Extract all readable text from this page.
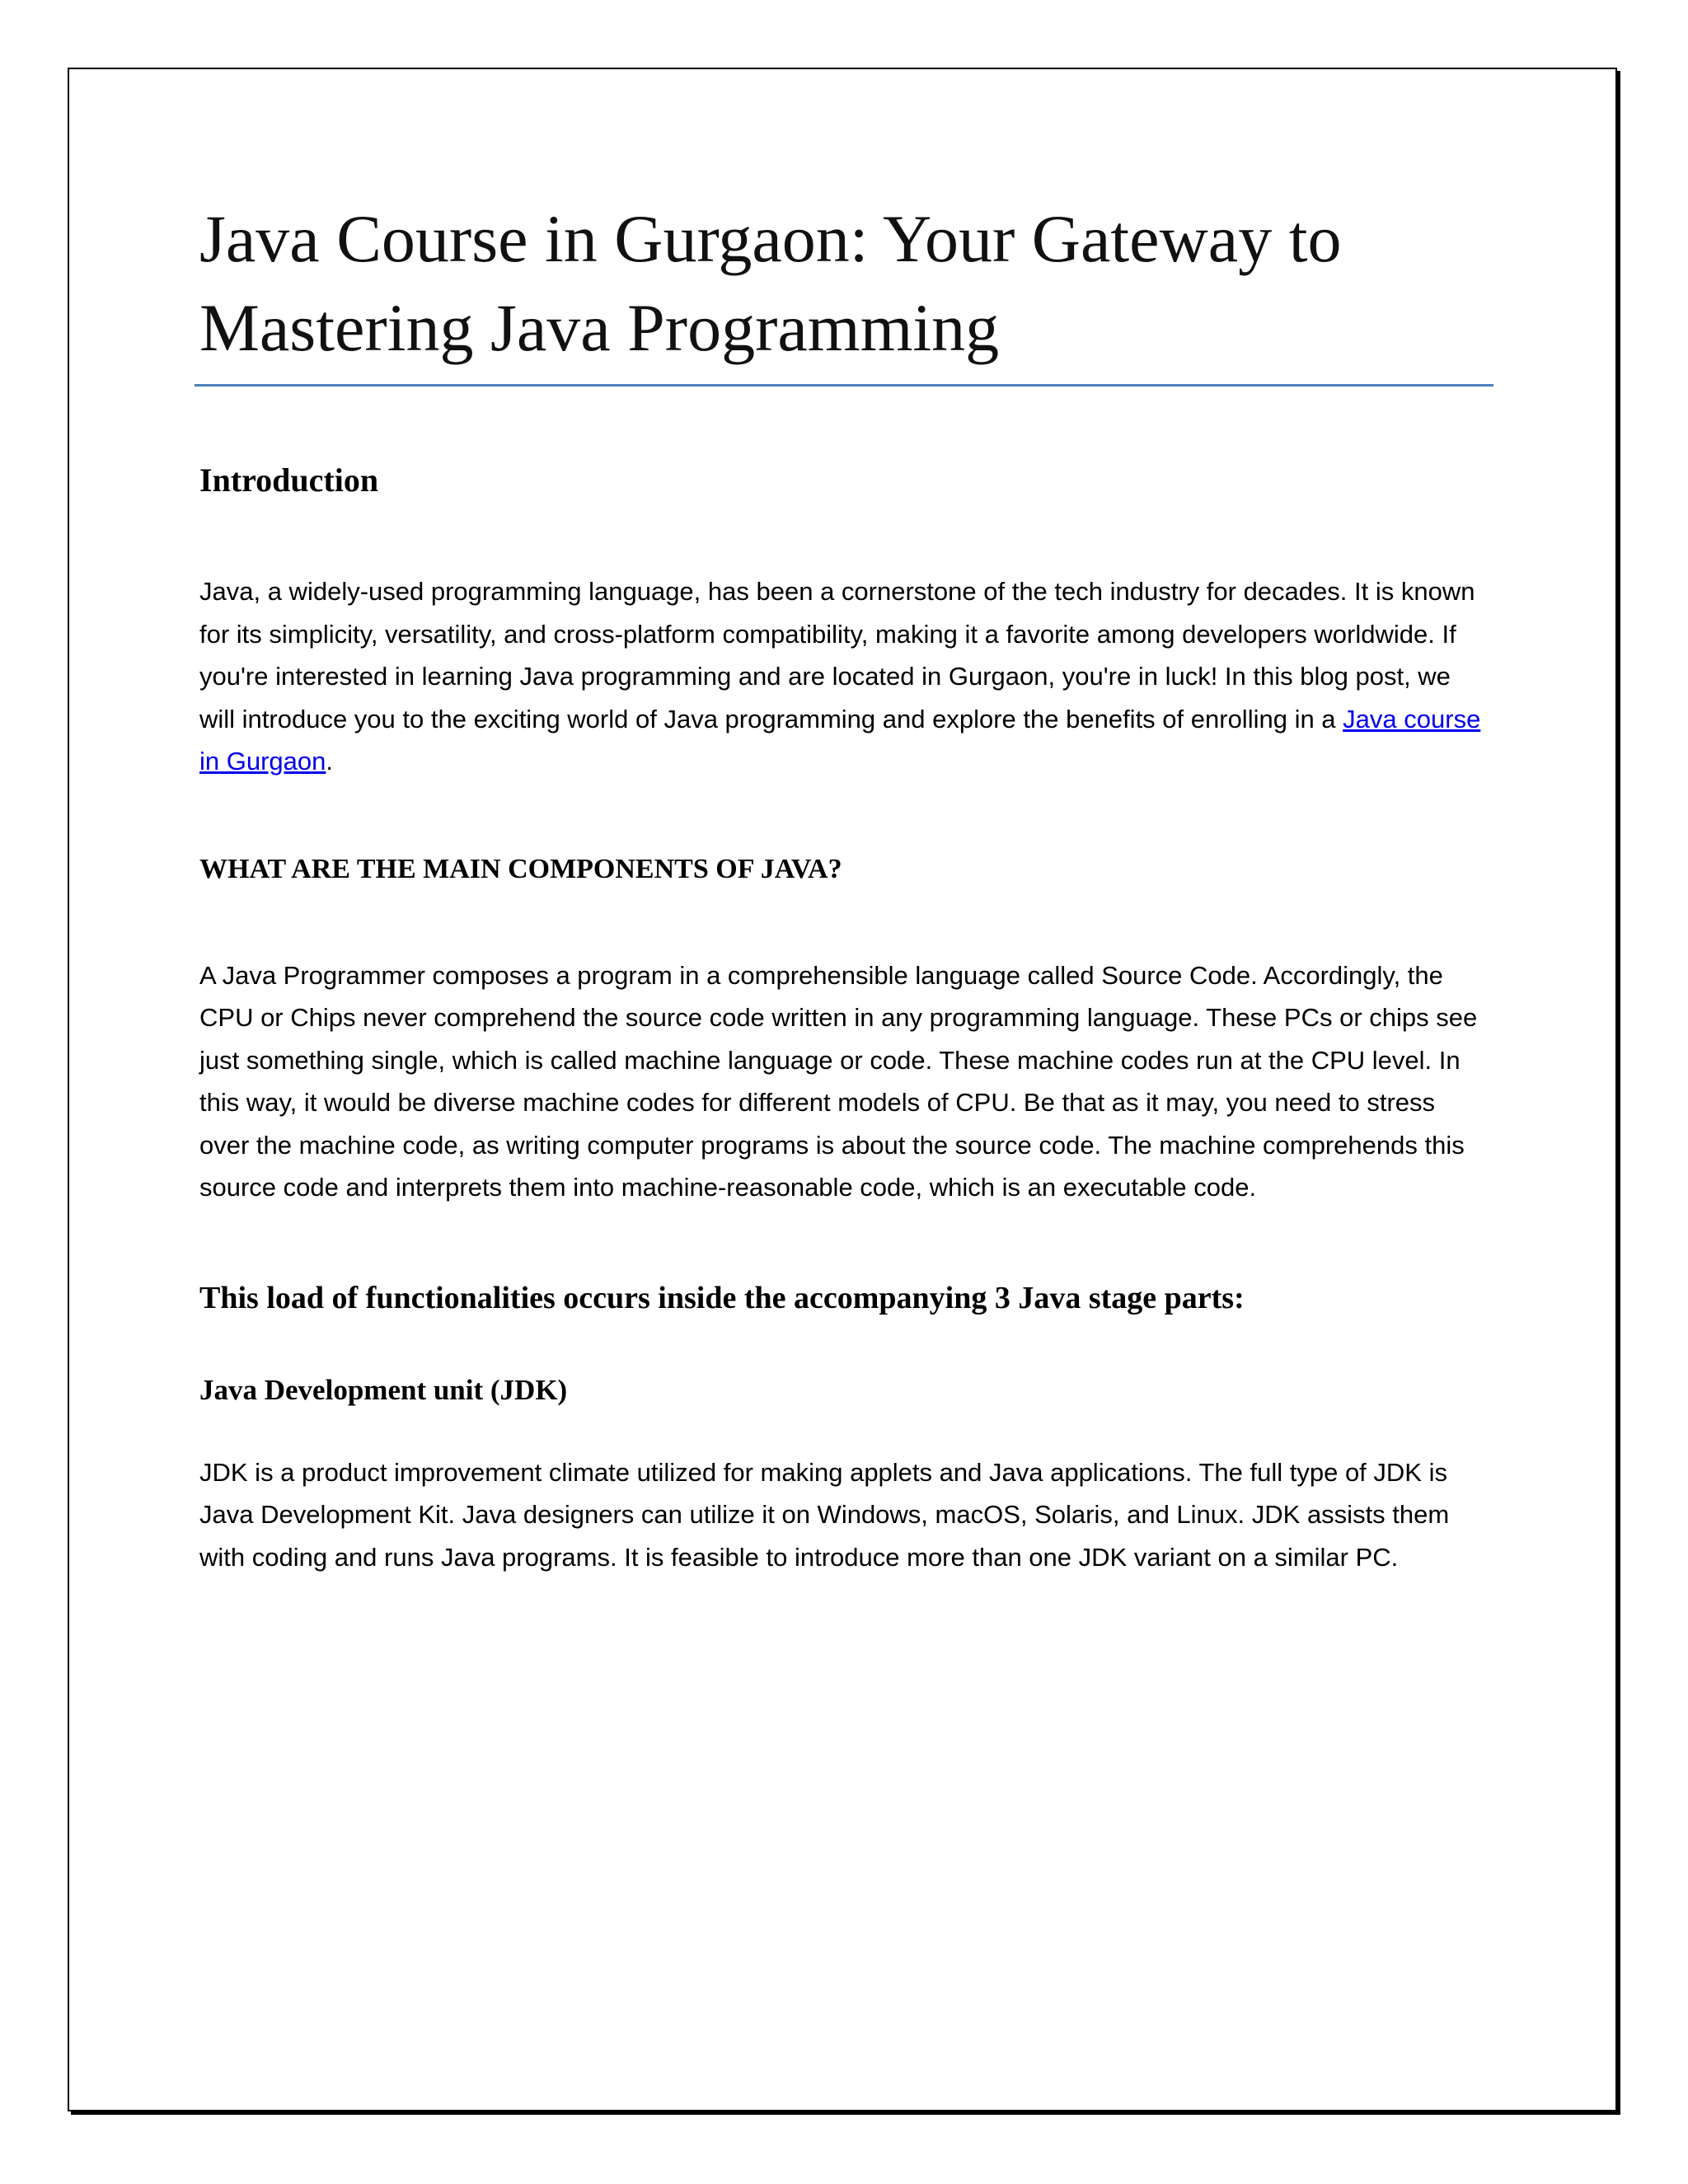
Java Course in Gurgaon: Your Gateway to Mastering Java Programming
Introduction

Java, a widely-used programming language, has been a cornerstone of the tech industry for decades. It is known for its simplicity, versatility, and cross-platform compatibility, making it a favorite among developers worldwide. If you're interested in learning Java programming and are located in Gurgaon, you're in luck! In this blog post, we will introduce you to the exciting world of Java programming and explore the benefits of enrolling in a Java course in Gurgaon.

WHAT ARE THE MAIN COMPONENTS OF JAVA?

A Java Programmer composes a program in a comprehensible language called Source Code. Accordingly, the CPU or Chips never comprehend the source code written in any programming language. These PCs or chips see just something single, which is called machine language or code. These machine codes run at the CPU level. In this way, it would be diverse machine codes for different models of CPU. Be that as it may, you need to stress over the machine code, as writing computer programs is about the source code. The machine comprehends this source code and interprets them into machine-reasonable code, which is an executable code.

This load of functionalities occurs inside the accompanying 3 Java stage parts:
Java Development unit (JDK)

JDK is a product improvement climate utilized for making applets and Java applications. The full type of JDK is Java Development Kit. Java designers can utilize it on Windows, macOS, Solaris, and Linux. JDK assists them with coding and runs Java programs. It is feasible to introduce more than one JDK variant on a similar PC.
